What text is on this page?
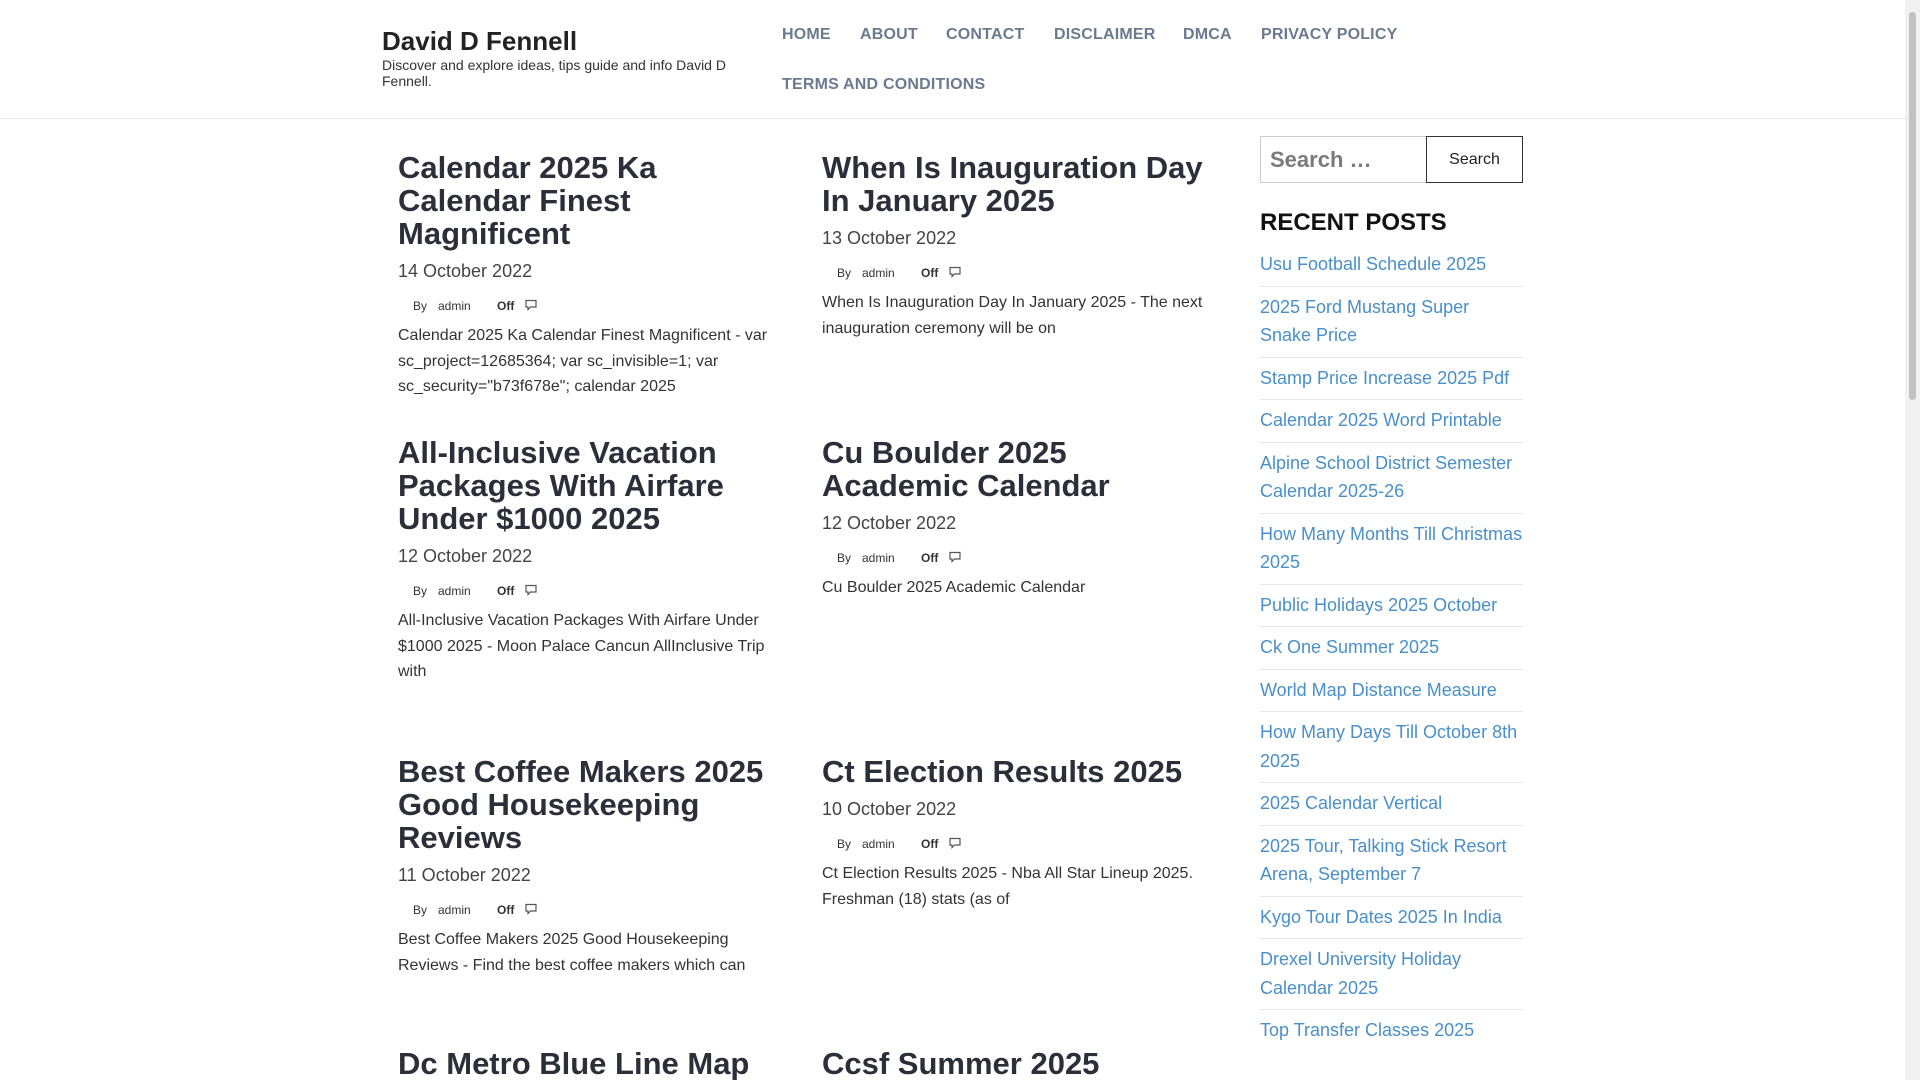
David D Fennell

Discover and explore ideas, tips guide and info David D Fennell.

HOME ABOUT CONTACT DISCLAIMER DMCA PRIVACY POLICY
TERMS AND CONDITIONS
Calendar 2025 Ka Calendar Finest Magnificent
14 October 2022
By admin Off

Calendar 2025 Ka Calendar Finest Magnificent - var sc_project=12685364; var sc_invisible=1; var sc_security="b73f678e"; calendar 2025

When Is Inauguration Day In January 2025
13 October 2022
By admin Off

When Is Inauguration Day In January 2025 - The next inauguration ceremony will be on

All-Inclusive Vacation Packages With Airfare Under $1000 2025
12 October 2022
By admin Off

All-Inclusive Vacation Packages With Airfare Under $1000 2025 - Moon Palace Cancun AllInclusive Trip with

Cu Boulder 2025 Academic Calendar
12 October 2022
By admin Off

Cu Boulder 2025 Academic Calendar

Best Coffee Makers 2025 Good Housekeeping Reviews
11 October 2022
By admin Off

Best Coffee Makers 2025 Good Housekeeping Reviews - Find the best coffee makers which can

Ct Election Results 2025
10 October 2022
By admin Off

Ct Election Results 2025 - Nba All Star Lineup 2025. Freshman (18) stats (as of

Dc Metro Blue Line Map	Ccsf Summer 2025
Search …
Search
RECENT POSTS
Usu Football Schedule 2025
2025 Ford Mustang Super Snake Price
Stamp Price Increase 2025 Pdf
Calendar 2025 Word Printable
Alpine School District Semester Calendar 2025-26
How Many Months Till Christmas 2025
Public Holidays 2025 October
Ck One Summer 2025
World Map Distance Measure
How Many Days Till October 8th 2025
2025 Calendar Vertical
2025 Tour, Talking Stick Resort Arena, September 7
Kygo Tour Dates 2025 In India
Drexel University Holiday Calendar 2025
Top Transfer Classes 2025
